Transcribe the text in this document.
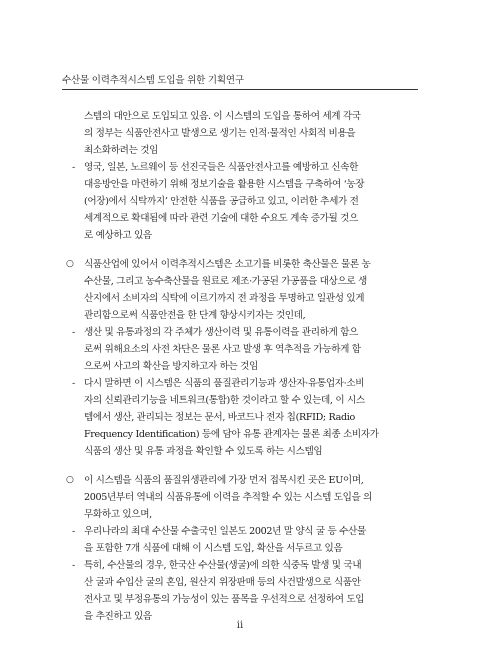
수산물 이력추적시스템 도입을 위한 기획연구
스템의 대안으로 도입되고 있음. 이 시스템의 도입을 통하여 세계 각국
의 정부는 식품안전사고 발생으로 생기는 인적·물적인 사회적 비용을
최소화하려는 것임
- 영국, 일본, 노르웨이 등 선진국들은 식품안전사고를 예방하고 신속한
대응방안을 마련하기 위해 정보기술을 활용한 시스템을 구축하여 ‘농장
(어장)에서 식탁까지’ 안전한 식품을 공급하고 있고, 이러한 추세가 전
세계적으로 확대됨에 따라 관련 기술에 대한 수요도 계속 증가될 것으
로 예상하고 있음
○ 식품산업에 있어서 이력추적시스템은 소고기를 비롯한 축산물은 물론 농
수산물, 그리고 농수축산물을 원료로 제조·가공된 가공품을 대상으로 생
산지에서 소비자의 식탁에 이르기까지 전 과정을 투명하고 일관성 있게
관리함으로써 식품안전을 한 단계 향상시키자는 것인데,
- 생산 및 유통과정의 각 주체가 생산이력 및 유통이력을 관리하게 함으
로써 위해요소의 사전 차단은 물론 사고 발생 후 역추적을 가능하게 함
으로써 사고의 확산을 방지하고자 하는 것임
- 다시 말하면 이 시스템은 식품의 품질관리기능과 생산자·유통업자·소비
자의 신뢰관리기능을 네트워크(통합)한 것이라고 할 수 있는데, 이 시스
템에서 생산, 관리되는 정보는 문서, 바코드나 전자 칩(RFID; Radio
Frequency Identification) 등에 담아 유통 관계자는 물론 최종 소비자가
식품의 생산 및 유통 과정을 확인할 수 있도록 하는 시스템임
○ 이 시스템을 식품의 품질위생관리에 가장 먼저 접목시킨 곳은 EU이며,
2005년부터 역내의 식품유통에 이력을 추적할 수 있는 시스템 도입을 의
무화하고 있으며,
- 우리나라의 최대 수산물 수출국인 일본도 2002년 말 양식 굴 등 수산물
을 포함한 7개 식품에 대해 이 시스템 도입, 확산을 서두르고 있음
- 특히, 수산물의 경우, 한국산 수산물(생굴)에 의한 식중독 발생 및 국내
산 굴과 수입산 굴의 혼입, 원산지 위장판매 등의 사건발생으로 식품안
전사고 및 부정유통의 가능성이 있는 품목을 우선적으로 선정하여 도입
을 추진하고 있음
ii
